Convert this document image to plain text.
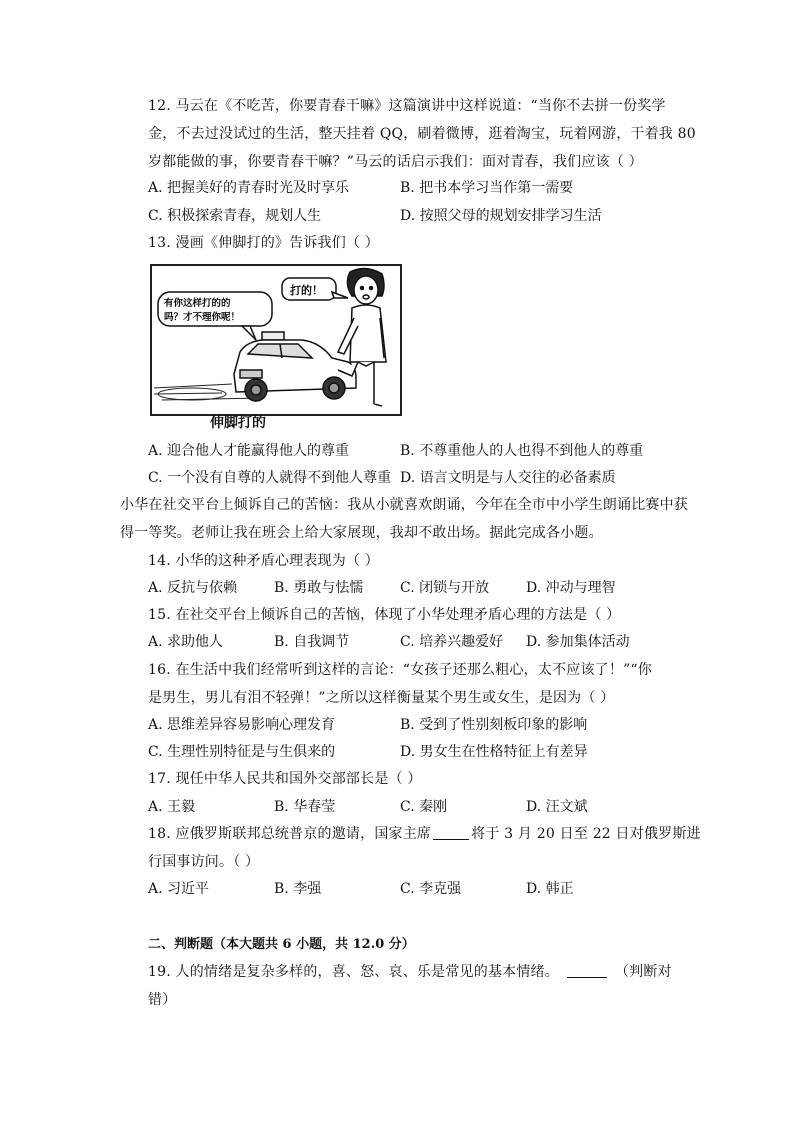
12. 马云在《不吃苦，你要青春干嘛》这篇演讲中这样说道：“当你不去拼一份奖学
金，不去过没试过的生活，整天挂着 QQ，刷着微博，逛着淘宝，玩着网游，干着我 80
岁都能做的事，你要青春干嘛？”马云的话启示我们：面对青春，我们应该（ ）
A. 把握美好的青春时光及时享乐	B. 把书本学习当作第一需要
C. 积极探索青春，规划人生	D. 按照父母的规划安排学习生活
13. 漫画《伸脚打的》告诉我们（ ）
有你这样打的的
吗？才不理你呢！
打的！
伸脚打的
A. 迎合他人才能赢得他人的尊重	B. 不尊重他人的人也得不到他人的尊重
C. 一个没有自尊的人就得不到他人尊重 D. 语言文明是与人交往的必备素质
小华在社交平台上倾诉自己的苦恼：我从小就喜欢朗诵，今年在全市中小学生朗诵比赛中获
得一等奖。老师让我在班会上给大家展现，我却不敢出场。据此完成各小题。
14. 小华的这种矛盾心理表现为（ ）
A. 反抗与依赖	B. 勇敢与怯懦	C. 闭锁与开放	D. 冲动与理智
15. 在社交平台上倾诉自己的苦恼，体现了小华处理矛盾心理的方法是（ ）
A. 求助他人	B. 自我调节	C. 培养兴趣爱好 D. 参加集体活动
16. 在生活中我们经常听到这样的言论：“女孩子还那么粗心，太不应该了！”“你
是男生，男儿有泪不轻弹！”之所以这样衡量某个男生或女生，是因为（ ）
A. 思维差异容易影响心理发育	B. 受到了性别刻板印象的影响
C. 生理性别特征是与生俱来的	D. 男女生在性格特征上有差异
17. 现任中华人民共和国外交部部长是（ ）
A. 王毅	B. 华春莹	C. 秦刚	D. 汪文斌
18. 应俄罗斯联邦总统普京的邀请，国家主席	将于 3 月 20 日至 22 日对俄罗斯进
行国事访问。（ ）
A. 习近平	B. 李强	C. 李克强	D. 韩正
二、判断题（本大题共 6 小题，共 12.0 分）
19. 人的情绪是复杂多样的，喜、怒、哀、乐是常见的基本情绪。	（判断对
错）
